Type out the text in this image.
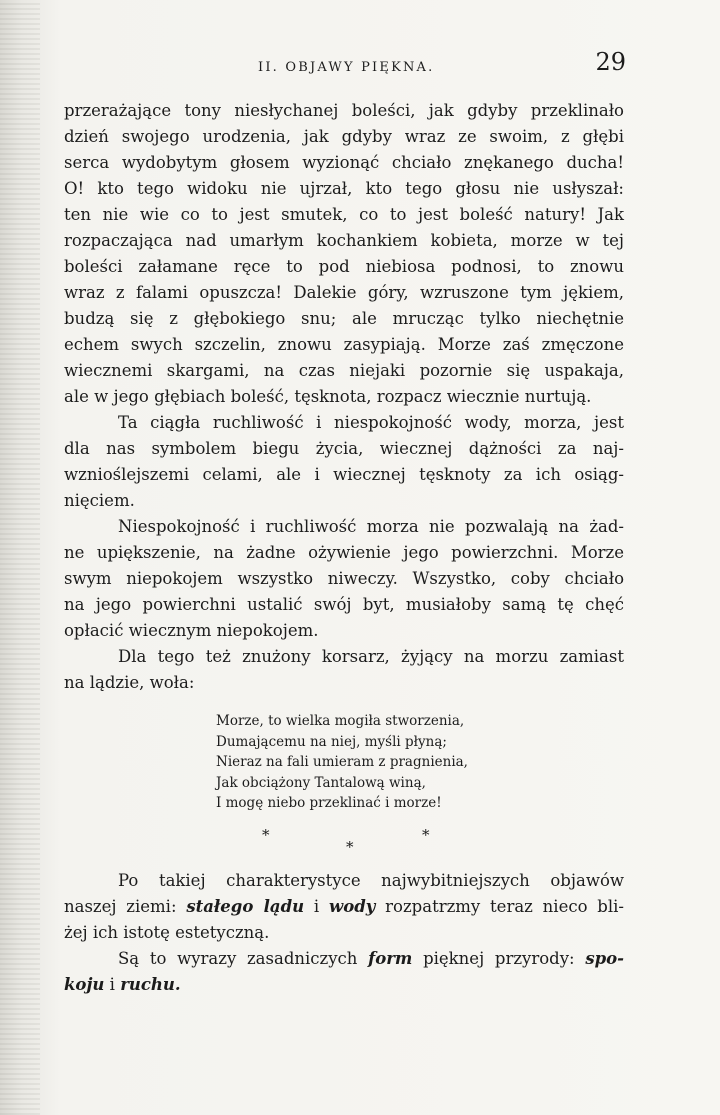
II. OBJAWY PIĘKNA.	29
przerażające tony niesłychanej boleści, jak gdyby przeklinało
dzień swojego urodzenia, jak gdyby wraz ze swoim, z głębi
serca wydobytym głosem wyzionąć chciało znękanego ducha!
O! kto tego widoku nie ujrzał, kto tego głosu nie usłyszał:
ten nie wie co to jest smutek, co to jest boleść natury! Jak
rozpaczająca nad umarłym kochankiem kobieta, morze w tej
boleści załamane ręce to pod niebiosa podnosi, to znowu
wraz z falami opuszcza! Dalekie góry, wzruszone tym jękiem,
budzą się z głębokiego snu; ale mrucząc tylko niechętnie
echem swych szczelin, znowu zasypiają. Morze zaś zmęczone
wiecznemi skargami, na czas niejaki pozornie się uspakaja,
ale w jego głębiach boleść, tęsknota, rozpacz wiecznie nurtują.
Ta ciągła ruchliwość i niespokojność wody, morza, jest
dla nas symbolem biegu życia, wiecznej dążności za naj-
wznioślejszemi celami, ale i wiecznej tęsknoty za ich osiąg-
nięciem.
Niespokojność i ruchliwość morza nie pozwalają na żad-
ne upiększenie, na żadne ożywienie jego powierzchni. Morze
swym niepokojem wszystko niweczy. Wszystko, coby chciało
na jego powierchni ustalić swój byt, musiałoby samą tę chęć
opłacić wiecznym niepokojem.
Dla tego też znużony korsarz, żyjący na morzu zamiast
na lądzie, woła:
Morze, to wielka mogiła stworzenia,
Dumającemu na niej, myśli płyną;
Nieraz na fali umieram z pragnienia,
Jak obciążony Tantalową winą,
I mogę niebo przeklinać i morze!
*
*
*
Po takiej charakterystyce najwybitniejszych objawów
naszej ziemi: stałego lądu i wody rozpatrzmy teraz nieco bli-
żej ich istotę estetyczną.
Są to wyrazy zasadniczych form pięknej przyrody: spo-
koju i ruchu.
